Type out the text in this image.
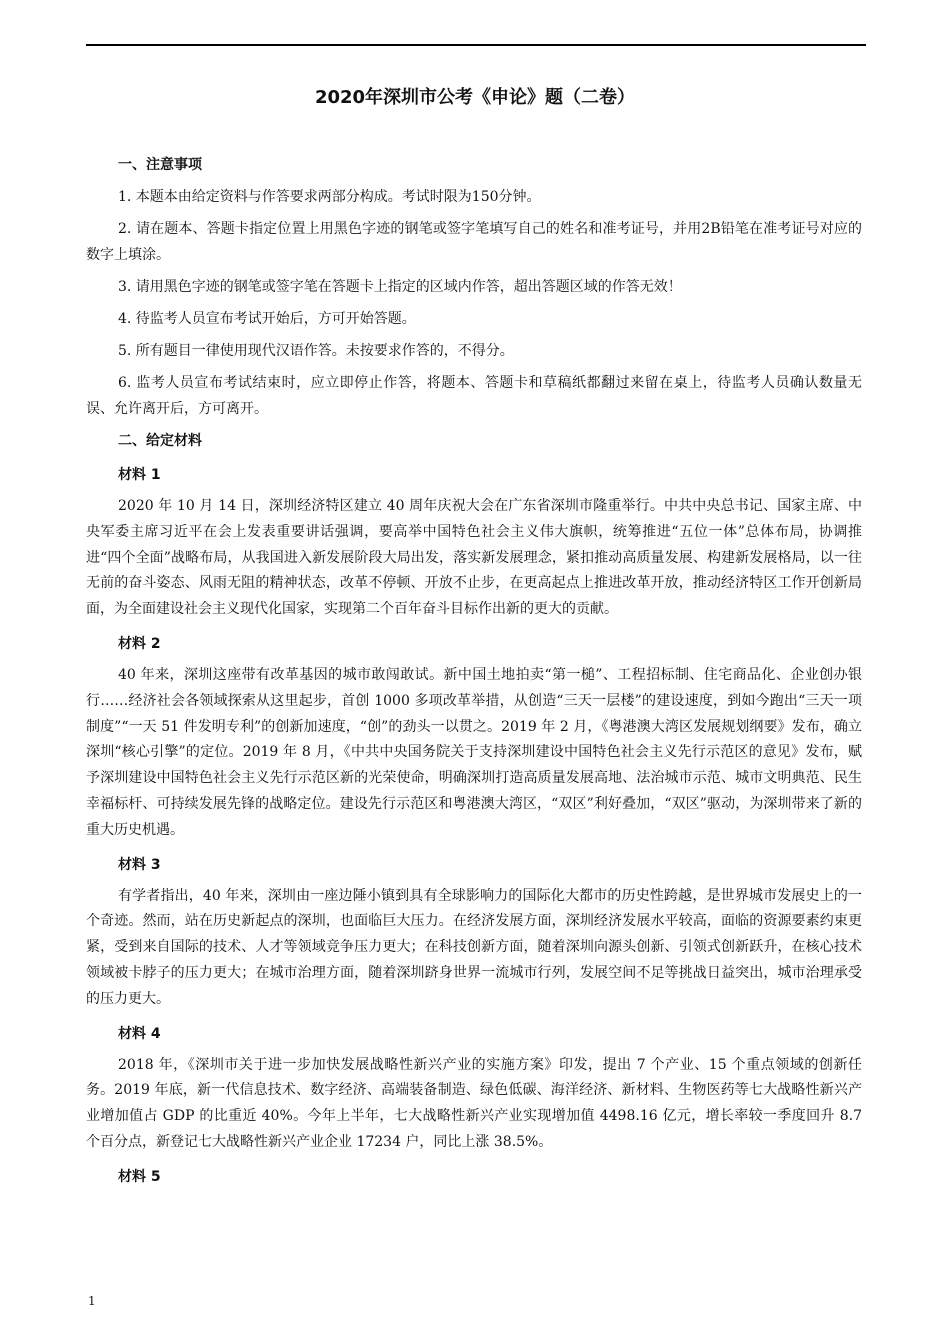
2020年深圳市公考《申论》题（二卷）

一、注意事项

1. 本题本由给定资料与作答要求两部分构成。考试时限为150分钟。

2. 请在题本、答题卡指定位置上用黑色字迹的钢笔或签字笔填写自己的姓名和准考证号，并用2B铅笔在准考证号对应的数字上填涂。

3. 请用黑色字迹的钢笔或签字笔在答题卡上指定的区域内作答，超出答题区域的作答无效！

4. 待监考人员宣布考试开始后，方可开始答题。

5. 所有题目一律使用现代汉语作答。未按要求作答的，不得分。

6. 监考人员宣布考试结束时，应立即停止作答，将题本、答题卡和草稿纸都翻过来留在桌上，待监考人员确认数量无误、允许离开后，方可离开。

二、给定材料

材料 1

2020 年 10 月 14 日，深圳经济特区建立 40 周年庆祝大会在广东省深圳市隆重举行。中共中央总书记、国家主席、中央军委主席习近平在会上发表重要讲话强调，要高举中国特色社会主义伟大旗帜，统筹推进“五位一体”总体布局，协调推进“四个全面”战略布局，从我国进入新发展阶段大局出发，落实新发展理念，紧扣推动高质量发展、构建新发展格局，以一往无前的奋斗姿态、风雨无阻的精神状态，改革不停顿、开放不止步，在更高起点上推进改革开放，推动经济特区工作开创新局面，为全面建设社会主义现代化国家，实现第二个百年奋斗目标作出新的更大的贡献。

材料 2

40 年来，深圳这座带有改革基因的城市敢闯敢试。新中国土地拍卖“第一槌”、工程招标制、住宅商品化、企业创办银行……经济社会各领域探索从这里起步，首创 1000 多项改革举措，从创造“三天一层楼”的建设速度，到如今跑出“三天一项制度”“一天 51 件发明专利”的创新加速度，“创”的劲头一以贯之。2019 年 2 月，《粤港澳大湾区发展规划纲要》发布，确立深圳“核心引擎”的定位。2019 年 8 月，《中共中央国务院关于支持深圳建设中国特色社会主义先行示范区的意见》发布，赋予深圳建设中国特色社会主义先行示范区新的光荣使命，明确深圳打造高质量发展高地、法治城市示范、城市文明典范、民生幸福标杆、可持续发展先锋的战略定位。建设先行示范区和粤港澳大湾区，“双区”利好叠加，“双区”驱动，为深圳带来了新的重大历史机遇。

材料 3

有学者指出，40 年来，深圳由一座边陲小镇到具有全球影响力的国际化大都市的历史性跨越，是世界城市发展史上的一个奇迹。然而，站在历史新起点的深圳，也面临巨大压力。在经济发展方面，深圳经济发展水平较高，面临的资源要素约束更紧，受到来自国际的技术、人才等领域竞争压力更大；在科技创新方面，随着深圳向源头创新、引领式创新跃升，在核心技术领域被卡脖子的压力更大；在城市治理方面，随着深圳跻身世界一流城市行列，发展空间不足等挑战日益突出，城市治理承受的压力更大。

材料 4

2018 年，《深圳市关于进一步加快发展战略性新兴产业的实施方案》印发，提出 7 个产业、15 个重点领域的创新任务。2019 年底，新一代信息技术、数字经济、高端装备制造、绿色低碳、海洋经济、新材料、生物医药等七大战略性新兴产业增加值占 GDP 的比重近 40%。今年上半年，七大战略性新兴产业实现增加值 4498.16 亿元，增长率较一季度回升 8.7 个百分点，新登记七大战略性新兴产业企业 17234 户，同比上涨 38.5%。

材料 5

1
